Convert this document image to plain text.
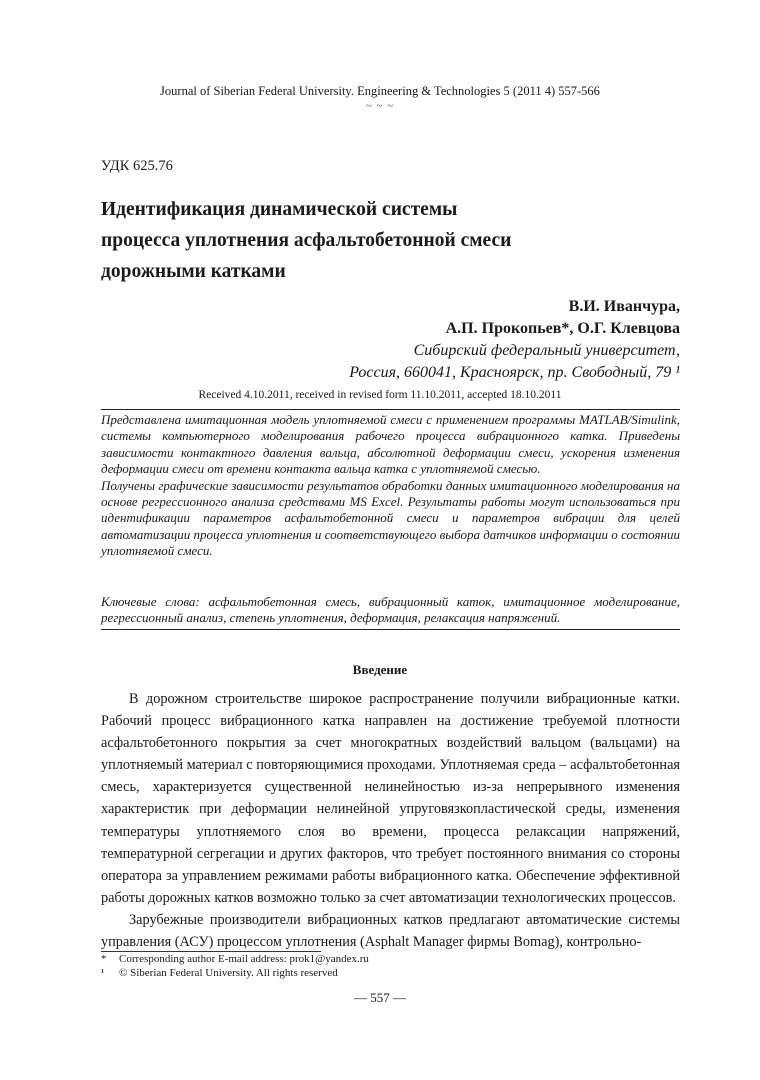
Journal of Siberian Federal University. Engineering & Technologies 5 (2011 4) 557-566
~ ~ ~
УДК 625.76
Идентификация динамической системы
процесса уплотнения асфальтобетонной смеси
дорожными катками
В.И. Иванчура,
А.П. Прокопьев*, О.Г. Клевцова
Сибирский федеральный университет,
Россия, 660041, Красноярск, пр. Свободный, 79 ¹
Received 4.10.2011, received in revised form 11.10.2011, accepted 18.10.2011

Представлена имитационная модель уплотняемой смеси с применением программы MATLAB/Simulink, системы компьютерного моделирования рабочего процесса вибрационного катка. Приведены зависимости контактного давления вальца, абсолютной деформации смеси, ускорения изменения деформации смеси от времени контакта вальца катка с уплотняемой смесью.

Получены графические зависимости результатов обработки данных имитационного моделирования на основе регрессионного анализа средствами MS Excel. Результаты работы могут использоваться при идентификации параметров асфальтобетонной смеси и параметров вибрации для целей автоматизации процесса уплотнения и соответствующего выбора датчиков информации о состоянии уплотняемой смеси.

Ключевые слова: асфальтобетонная смесь, вибрационный каток, имитационное моделирование, регрессионный анализ, степень уплотнения, деформация, релаксация напряжений.
Введение

В дорожном строительстве широкое распространение получили вибрационные катки. Рабочий процесс вибрационного катка направлен на достижение требуемой плотности асфальтобетонного покрытия за счет многократных воздействий вальцом (вальцами) на уплотняемый материал с повторяющимися проходами. Уплотняемая среда – асфальтобетонная смесь, характеризуется существенной нелинейностью из-за непрерывного изменения характеристик при деформации нелинейной упруговязкопластической среды, изменения температуры уплотняемого слоя во времени, процесса релаксации напряжений, температурной сегрегации и других факторов, что требует постоянного внимания со стороны оператора за управлением режимами работы вибрационного катка. Обеспечение эффективной работы дорожных катков возможно только за счет автоматизации технологических процессов.

Зарубежные производители вибрационных катков предлагают автоматические системы управления (АСУ) процессом уплотнения (Asphalt Manager фирмы Bomag), контрольно-

*	Corresponding author E-mail address: prok1@yandex.ru
¹	© Siberian Federal University. All rights reserved
— 557 —
